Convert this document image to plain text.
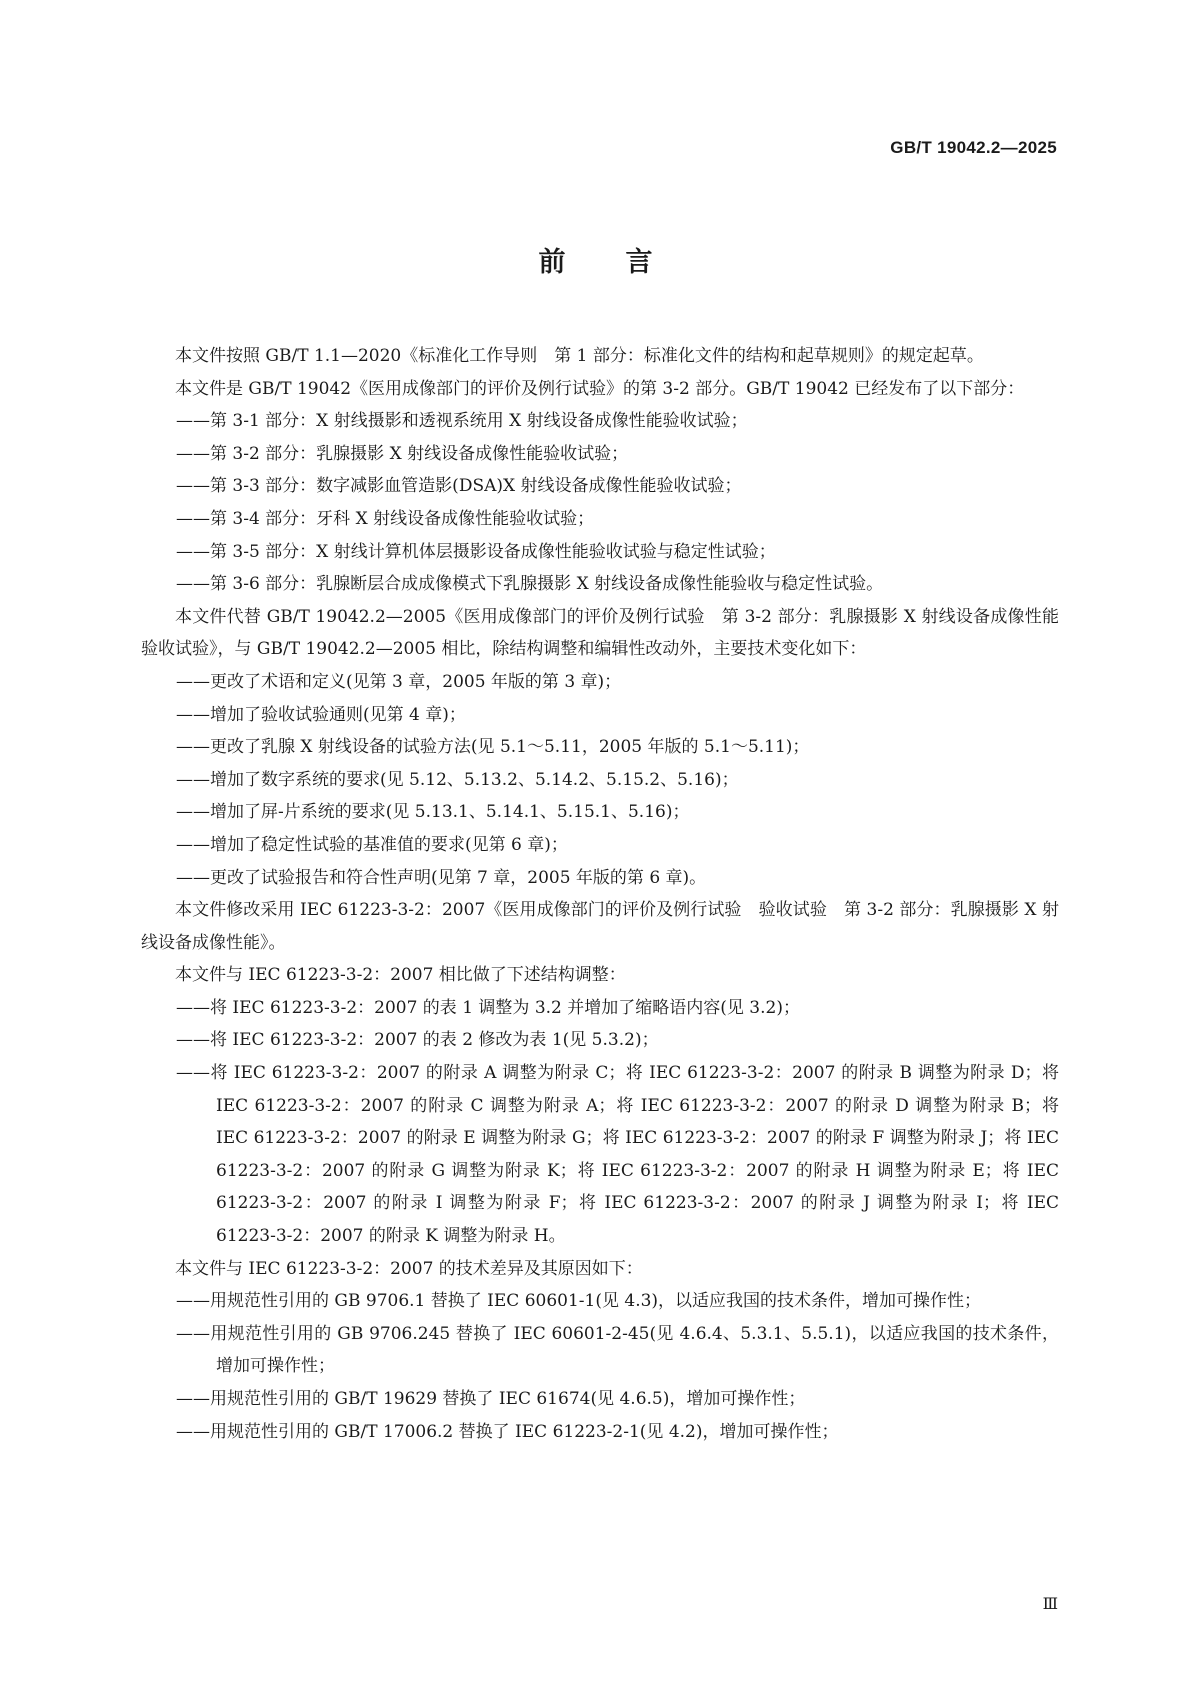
GB/T 19042.2—2025
前言

本文件按照 GB/T 1.1—2020《标准化工作导则　第 1 部分：标准化文件的结构和起草规则》的规定起草。

本文件是 GB/T 19042《医用成像部门的评价及例行试验》的第 3-2 部分。GB/T 19042 已经发布了以下部分：

——第 3-1 部分：X 射线摄影和透视系统用 X 射线设备成像性能验收试验；

——第 3-2 部分：乳腺摄影 X 射线设备成像性能验收试验；

——第 3-3 部分：数字减影血管造影(DSA)X 射线设备成像性能验收试验；

——第 3-4 部分：牙科 X 射线设备成像性能验收试验；

——第 3-5 部分：X 射线计算机体层摄影设备成像性能验收试验与稳定性试验；

——第 3-6 部分：乳腺断层合成成像模式下乳腺摄影 X 射线设备成像性能验收与稳定性试验。

本文件代替 GB/T 19042.2—2005《医用成像部门的评价及例行试验　第 3-2 部分：乳腺摄影 X 射线设备成像性能验收试验》，与 GB/T 19042.2—2005 相比，除结构调整和编辑性改动外，主要技术变化如下：

——更改了术语和定义(见第 3 章，2005 年版的第 3 章)；

——增加了验收试验通则(见第 4 章)；

——更改了乳腺 X 射线设备的试验方法(见 5.1～5.11，2005 年版的 5.1～5.11)；

——增加了数字系统的要求(见 5.12、5.13.2、5.14.2、5.15.2、5.16)；

——增加了屏-片系统的要求(见 5.13.1、5.14.1、5.15.1、5.16)；

——增加了稳定性试验的基准值的要求(见第 6 章)；

——更改了试验报告和符合性声明(见第 7 章，2005 年版的第 6 章)。

本文件修改采用 IEC 61223-3-2：2007《医用成像部门的评价及例行试验　验收试验　第 3-2 部分：乳腺摄影 X 射线设备成像性能》。

本文件与 IEC 61223-3-2：2007 相比做了下述结构调整：

——将 IEC 61223-3-2：2007 的表 1 调整为 3.2 并增加了缩略语内容(见 3.2)；

——将 IEC 61223-3-2：2007 的表 2 修改为表 1(见 5.3.2)；

——将 IEC 61223-3-2：2007 的附录 A 调整为附录 C；将 IEC 61223-3-2：2007 的附录 B 调整为附录 D；将 IEC 61223-3-2：2007 的附录 C 调整为附录 A；将 IEC 61223-3-2：2007 的附录 D 调整为附录 B；将 IEC 61223-3-2：2007 的附录 E 调整为附录 G；将 IEC 61223-3-2：2007 的附录 F 调整为附录 J；将 IEC 61223-3-2：2007 的附录 G 调整为附录 K；将 IEC 61223-3-2：2007 的附录 H 调整为附录 E；将 IEC 61223-3-2：2007 的附录 I 调整为附录 F；将 IEC 61223-3-2：2007 的附录 J 调整为附录 I；将 IEC 61223-3-2：2007 的附录 K 调整为附录 H。

本文件与 IEC 61223-3-2：2007 的技术差异及其原因如下：

——用规范性引用的 GB 9706.1 替换了 IEC 60601-1(见 4.3)，以适应我国的技术条件，增加可操作性；

——用规范性引用的 GB 9706.245 替换了 IEC 60601-2-45(见 4.6.4、5.3.1、5.5.1)，以适应我国的技术条件，增加可操作性；

——用规范性引用的 GB/T 19629 替换了 IEC 61674(见 4.6.5)，增加可操作性；

——用规范性引用的 GB/T 17006.2 替换了 IEC 61223-2-1(见 4.2)，增加可操作性；

Ⅲ
